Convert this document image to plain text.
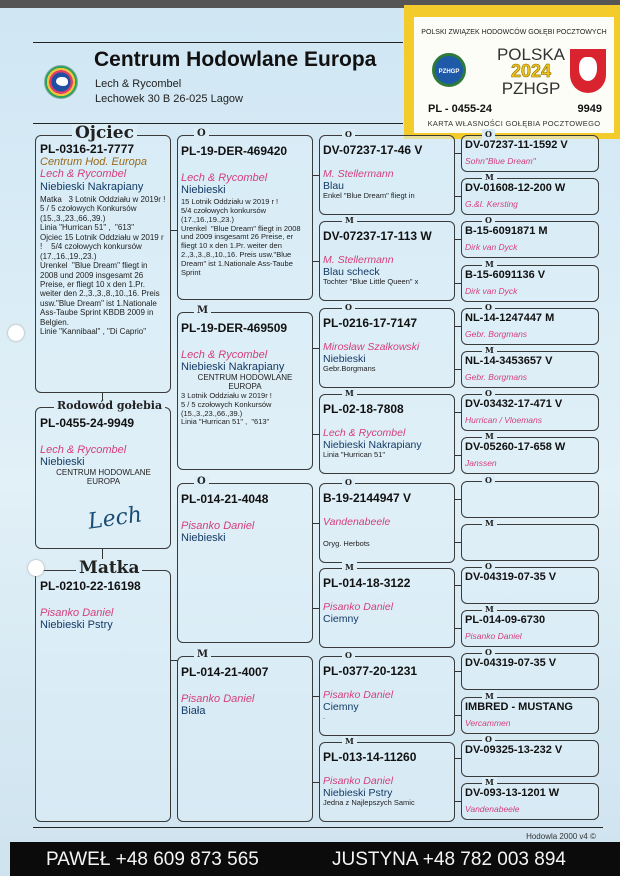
Centrum Hodowlane Europa
Lech & Rycombel
Lechowek 30 B 26-025 Lagow
POLSKI ZWIĄZEK HODOWCÓW GOŁĘBI POCZTOWYCH
PZHGP
POLSKA
2024
PZHGP
PL - 0455-24	9949
KARTA WŁASNOŚCI GOŁĘBIA POCZTOWEGO
Ojciec
PL-0316-21-7777
Centrum Hod. Europa
Lech & Rycombel
Niebieski Nakrapiany
Matka   3 Lotnik Oddziału w 2019r !
5 / 5 czołowych Konkursów (15.,3.,23.,66.,39.)
Linia "Hurrican 51" ,  "613"
Ojciec 15 Lotnik Oddziału w 2019 r !    5/4 czołowych konkursów (17.,16.,19.,23.)
Urenkel  "Blue Dream" fliegt in 2008 und 2009 insgesamt 26 Preise, er fliegt 10 x den 1.Pr. weiter den 2.,3.,3.,8.,10.,16. Preis usw."Blue Dream" ist 1.Nationale Ass-Taube Sprint KBDB 2009 in Belgien.
Linie "Kannibaal" , "Di Caprio"
Rodowód gołebia
PL-0455-24-9949
Lech & Rycombel
Niebieski
CENTRUM HODOWLANE EUROPA
Lech
Matka
PL-0210-22-16198
Pisanko Daniel
Niebieski Pstry
O
PL-19-DER-469420
Lech & Rycombel
Niebieski
15 Lotnik Oddziału w 2019 r !
5/4 czołowych konkursów (17.,16.,19.,23.)
Urenkel  "Blue Dream" fliegt in 2008 und 2009 insgesamt 26 Preise, er fliegt 10 x den 1.Pr. weiter den 2.,3.,3.,8.,10.,16. Preis usw."Blue Dream" ist 1.Nationale Ass-Taube Sprint
M
PL-19-DER-469509
Lech & Rycombel
Niebieski Nakrapiany
CENTRUM HODOWLANE EUROPA
3 Lotnik Oddziału w 2019r !
5 / 5 czołowych Konkursów (15.,3.,23.,66.,39.)
Linia "Hurrican 51" ,  "613"
O
PL-014-21-4048
Pisanko Daniel
Niebieski
M
PL-014-21-4007
Pisanko Daniel
Biała
O
DV-07237-17-46 V
M. Stellermann
Blau
Enkel "Blue Dream" fliegt in
M
DV-07237-17-113 W
M. Stellermann
Blau scheck
Tochter "Blue Little Queen" x
O
PL-0216-17-7147
Mirosław Szalkowski
Niebieski
Gebr.Borgmans
M
PL-02-18-7808
Lech & Rycombel
Niebieski Nakrapiany
Linia "Hurrican 51"
O
B-19-2144947 V
Vandenabeele
Oryg. Herbots
M
PL-014-18-3122
Pisanko Daniel
Ciemny
O
PL-0377-20-1231
Pisanko Daniel
Ciemny
.
M
PL-013-14-11260
Pisanko Daniel
Niebieski Pstry
Jedna z Najlepszych Samic
O
DV-07237-11-1592 V
Sohn"Blue Dream"
M
DV-01608-12-200 W
G.&I. Kersting
O
B-15-6091871 M
Dirk van Dyck
M
B-15-6091136 V
Dirk van Dyck
O
NL-14-1247447 M
Gebr. Borgmans
M
NL-14-3453657 V
Gebr. Borgmans
O
DV-03432-17-471 V
Hurrican / Vloemans
M
DV-05260-17-658 W
Janssen
O
M
O
DV-04319-07-35 V
M
PL-014-09-6730
Pisanko Daniel
O
DV-04319-07-35 V
M
IMBRED - MUSTANG
Vercammen
O
DV-09325-13-232 V
M
DV-093-13-1201 W
Vandenabeele
Hodowla 2000 v4 ©
PAWEŁ +48 609 873 565	JUSTYNA +48 782 003 894
